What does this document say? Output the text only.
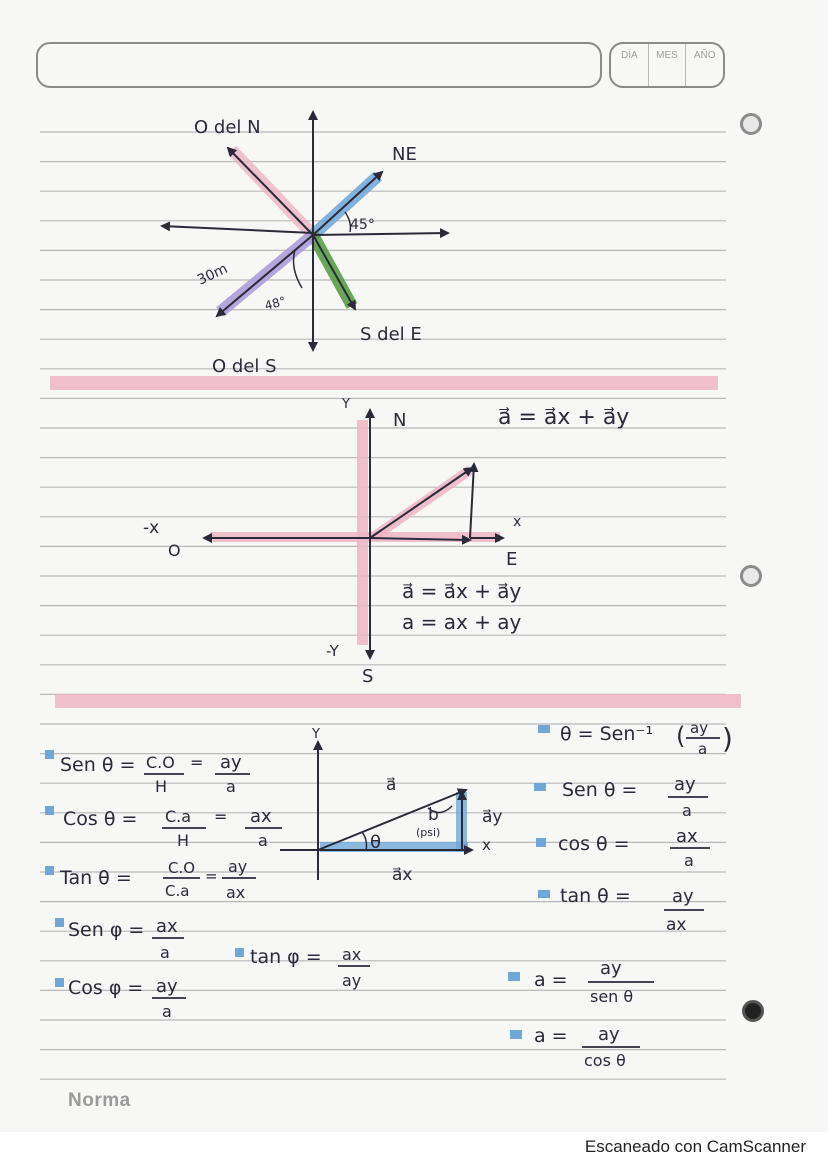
DÍA	MES	AÑO
O del N
NE
45°
30m
48°
S del E
O del S
Y
N
-x
O
x
E
-Y
S
a⃗ = a⃗x + a⃗y
a⃗ = a⃗x + a⃗y
a = ax + ay
Y
a⃗
b
(psi)
θ
a⃗y
x
a⃗x
Sen θ = C.O
H
= ay
a
Cos θ = C.a
H
= ax
a
Tan θ = C.O
C.a
= ay
ax
Sen φ = ax
a
Cos φ = ay
a
tan φ = ax
ay
θ = Sen⁻¹ ( ay
a )
Sen θ = ay
a
cos θ =	ax
a
tan θ = ay
ax
a =
ay
sen θ
a = ay
cos θ
Norma
Escaneado con CamScanner
